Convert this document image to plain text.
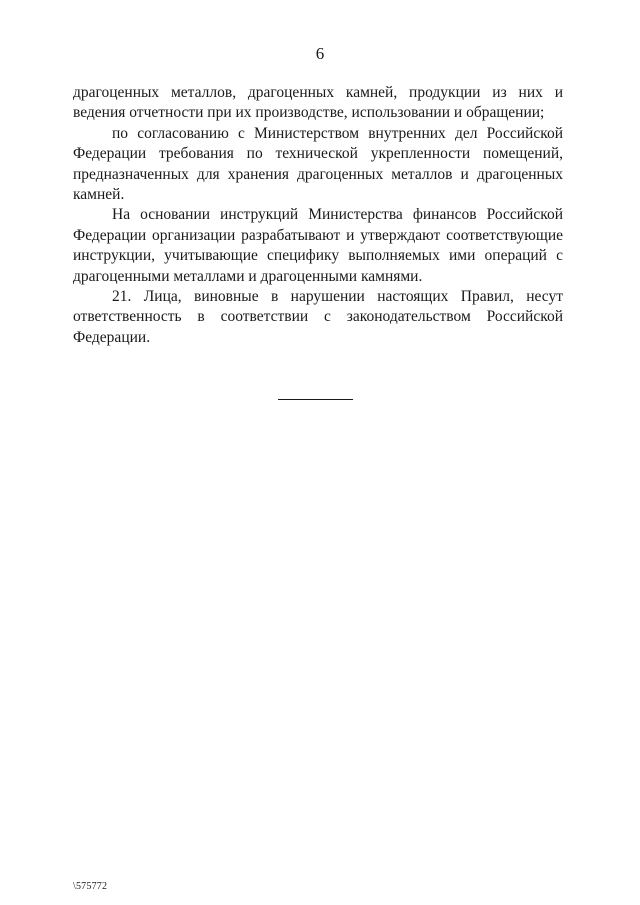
6

драгоценных металлов, драгоценных камней, продукции из них и ведения отчетности при их производстве, использовании и обращении;

по согласованию с Министерством внутренних дел Российской Федерации требования по технической укрепленности помещений, предназначенных для хранения драгоценных металлов и драгоценных камней.

На основании инструкций Министерства финансов Российской Федерации организации разрабатывают и утверждают соответствующие инструкции, учитывающие специфику выполняемых ими операций с драгоценными металлами и драгоценными камнями.

21. Лица, виновные в нарушении настоящих Правил, несут ответственность в соответствии с законодательством Российской Федерации.

\575772
